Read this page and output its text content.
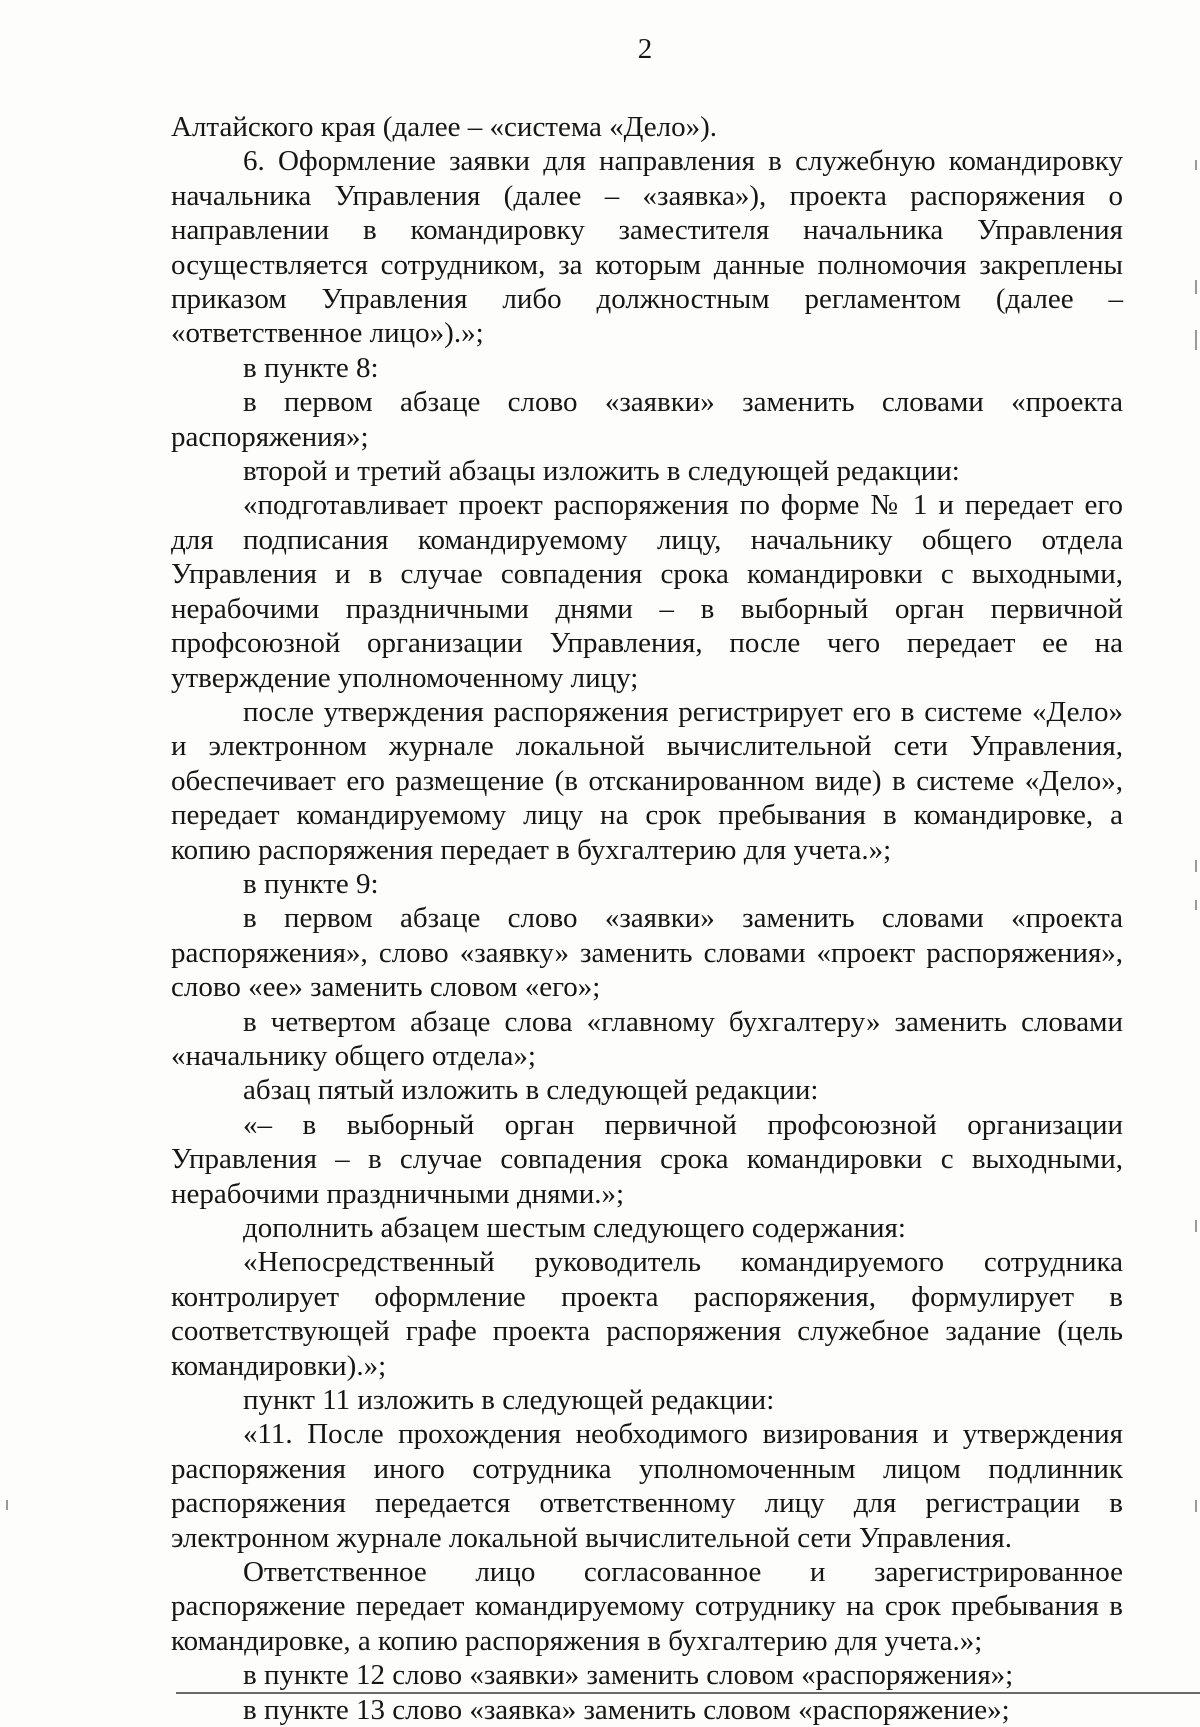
2

Алтайского края (далее – «система «Дело»).

6. Оформление заявки для направления в служебную командировку начальника Управления (далее – «заявка»), проекта распоряжения о направлении в командировку заместителя начальника Управления осуществляется сотрудником, за которым данные полномочия закреплены приказом Управления либо должностным регламентом (далее – «ответственное лицо»).»;

в пункте 8:

в первом абзаце слово «заявки» заменить словами «проекта распоряжения»;

второй и третий абзацы изложить в следующей редакции:

«подготавливает проект распоряжения по форме № 1 и передает его для подписания командируемому лицу, начальнику общего отдела Управления и в случае совпадения срока командировки с выходными, нерабочими праздничными днями – в выборный орган первичной профсоюзной организации Управления, после чего передает ее на утверждение уполномоченному лицу;

после утверждения распоряжения регистрирует его в системе «Дело» и электронном журнале локальной вычислительной сети Управления, обеспечивает его размещение (в отсканированном виде) в системе «Дело», передает командируемому лицу на срок пребывания в командировке, а копию распоряжения передает в бухгалтерию для учета.»;

в пункте 9:

в первом абзаце слово «заявки» заменить словами «проекта распоряжения», слово «заявку» заменить словами «проект распоряжения», слово «ее» заменить словом «его»;

в четвертом абзаце слова «главному бухгалтеру» заменить словами «начальнику общего отдела»;

абзац пятый изложить в следующей редакции:

«– в выборный орган первичной профсоюзной организации Управления – в случае совпадения срока командировки с выходными, нерабочими праздничными днями.»;

дополнить абзацем шестым следующего содержания:

«Непосредственный руководитель командируемого сотрудника контролирует оформление проекта распоряжения, формулирует в соответствующей графе проекта распоряжения служебное задание (цель командировки).»;

пункт 11 изложить в следующей редакции:

«11. После прохождения необходимого визирования и утверждения распоряжения иного сотрудника уполномоченным лицом подлинник распоряжения передается ответственному лицу для регистрации в электронном журнале локальной вычислительной сети Управления.

Ответственное лицо согласованное и зарегистрированное распоряжение передает командируемому сотруднику на срок пребывания в командировке, а копию распоряжения в бухгалтерию для учета.»;

в пункте 12 слово «заявки» заменить словом «распоряжения»;

в пункте 13 слово «заявка» заменить словом «распоряжение»;
